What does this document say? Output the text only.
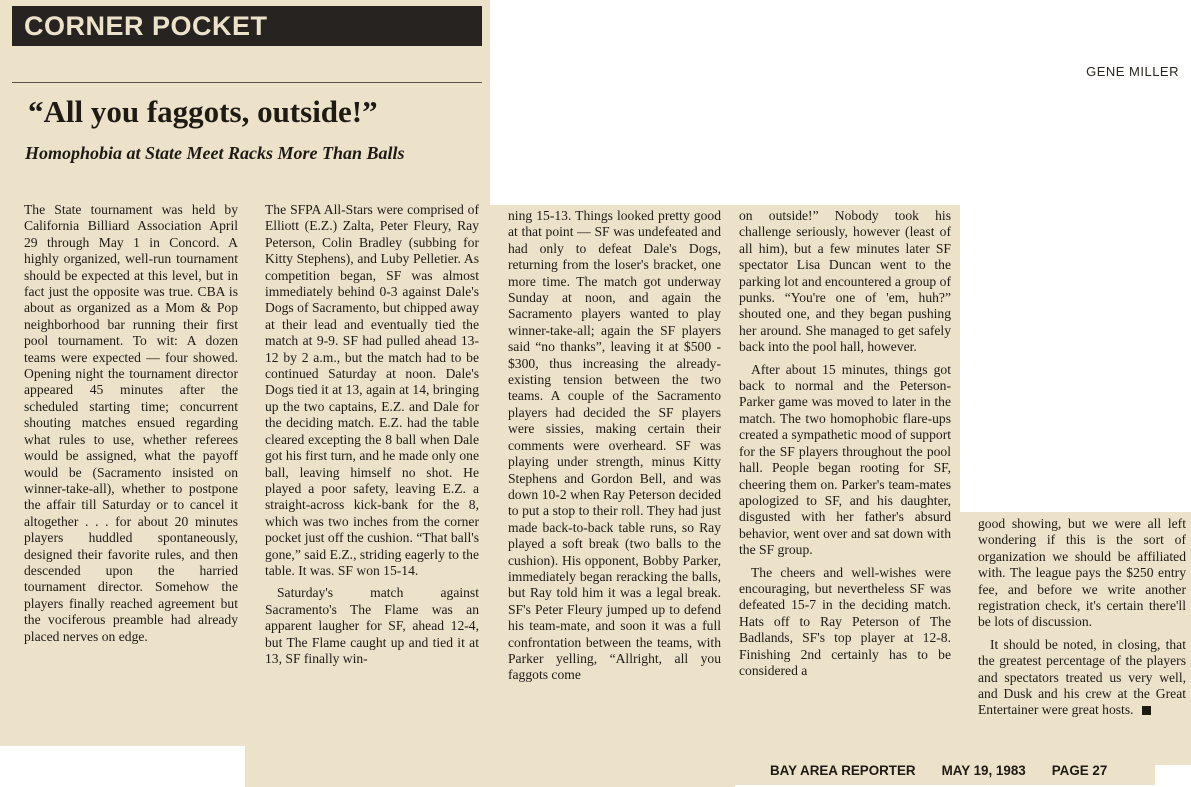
CORNER POCKET
GENE MILLER
“All you faggots, outside!”
Homophobia at State Meet Racks More Than Balls

The State tournament was held by California Billiard Association April 29 through May 1 in Concord. A highly organized, well-run tournament should be expected at this level, but in fact just the opposite was true. CBA is about as organized as a Mom & Pop neighborhood bar running their first pool tournament. To wit: A dozen teams were expected — four showed. Opening night the tournament director appeared 45 minutes after the scheduled starting time; concurrent shouting matches ensued regarding what rules to use, whether referees would be assigned, what the payoff would be (Sacramento insisted on winner-take-all), whether to postpone the affair till Saturday or to cancel it altogether . . . for about 20 minutes players huddled spontaneously, designed their favorite rules, and then descended upon the harried tournament director. Somehow the players finally reached agreement but the vociferous preamble had already placed nerves on edge.

The SFPA All-Stars were comprised of Elliott (E.Z.) Zalta, Peter Fleury, Ray Peterson, Colin Bradley (subbing for Kitty Stephens), and Luby Pelletier. As competition began, SF was almost immediately behind 0-3 against Dale's Dogs of Sacramento, but chipped away at their lead and eventually tied the match at 9-9. SF had pulled ahead 13-12 by 2 a.m., but the match had to be continued Saturday at noon. Dale's Dogs tied it at 13, again at 14, bringing up the two captains, E.Z. and Dale for the deciding match. E.Z. had the table cleared excepting the 8 ball when Dale got his first turn, and he made only one ball, leaving himself no shot. He played a poor safety, leaving E.Z. a straight-across kick-bank for the 8, which was two inches from the corner pocket just off the cushion. “That ball's gone,” said E.Z., striding eagerly to the table. It was. SF won 15-14.

Saturday's match against Sacramento's The Flame was an apparent laugher for SF, ahead 12-4, but The Flame caught up and tied it at 13, SF finally win-

ning 15-13. Things looked pretty good at that point — SF was undefeated and had only to defeat Dale's Dogs, returning from the loser's bracket, one more time. The match got underway Sunday at noon, and again the Sacramento players wanted to play winner-take-all; again the SF players said “no thanks”, leaving it at $500 - $300, thus increasing the already-existing tension between the two teams. A couple of the Sacramento players had decided the SF players were sissies, making certain their comments were overheard. SF was playing under strength, minus Kitty Stephens and Gordon Bell, and was down 10-2 when Ray Peterson decided to put a stop to their roll. They had just made back-to-back table runs, so Ray played a soft break (two balls to the cushion). His opponent, Bobby Parker, immediately began reracking the balls, but Ray told him it was a legal break. SF's Peter Fleury jumped up to defend his team-mate, and soon it was a full confrontation between the teams, with Parker yelling, “Allright, all you faggots come

on outside!” Nobody took his challenge seriously, however (least of all him), but a few minutes later SF spectator Lisa Duncan went to the parking lot and encountered a group of punks. “You're one of 'em, huh?” shouted one, and they began pushing her around. She managed to get safely back into the pool hall, however.

After about 15 minutes, things got back to normal and the Peterson-Parker game was moved to later in the match. The two homophobic flare-ups created a sympathetic mood of support for the SF players throughout the pool hall. People began rooting for SF, cheering them on. Parker's team-mates apologized to SF, and his daughter, disgusted with her father's absurd behavior, went over and sat down with the SF group.

The cheers and well-wishes were encouraging, but nevertheless SF was defeated 15-7 in the deciding match. Hats off to Ray Peterson of The Badlands, SF's top player at 12-8. Finishing 2nd certainly has to be considered a

good showing, but we were all left wondering if this is the sort of organization we should be affiliated with. The league pays the $250 entry fee, and before we write another registration check, it's certain there'll be lots of discussion.

It should be noted, in closing, that the greatest percentage of the players and spectators treated us very well, and Dusk and his crew at the Great Entertainer were great hosts.

BAY AREA REPORTER MAY 19, 1983 PAGE 27
